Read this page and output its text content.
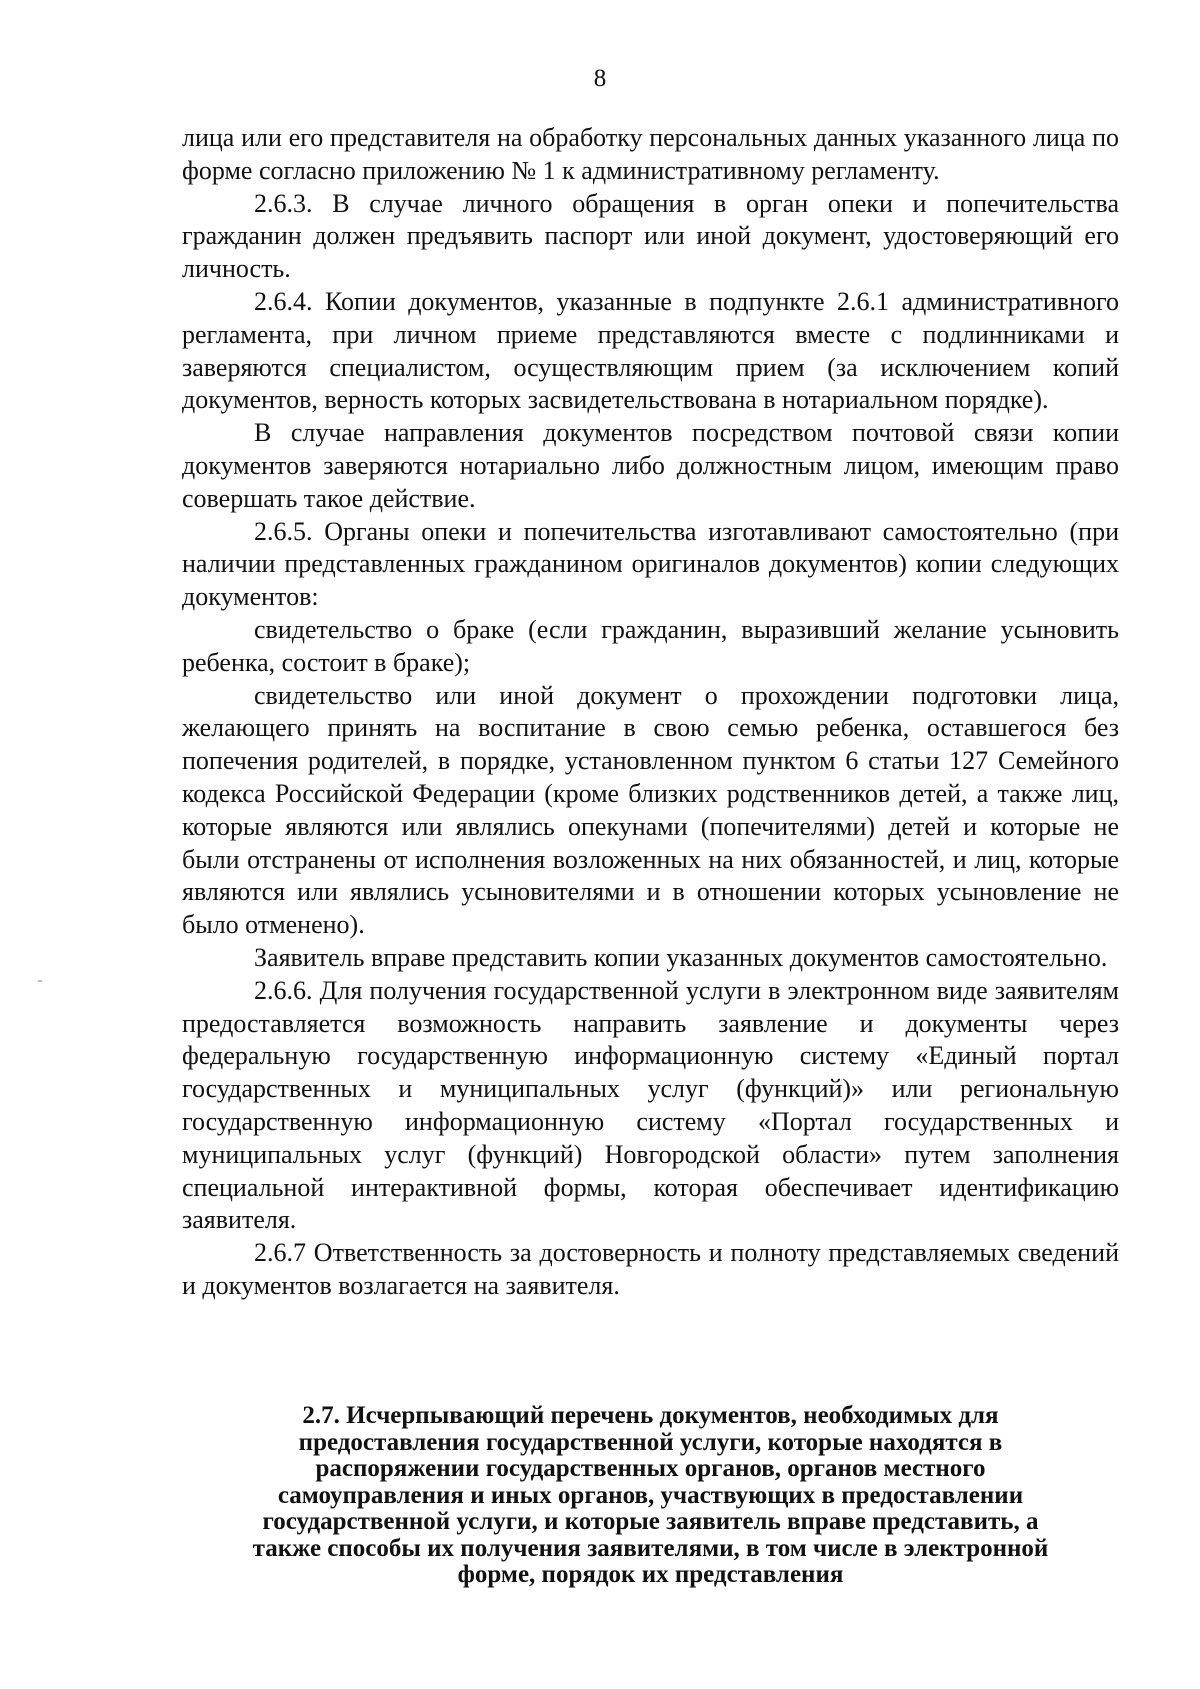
8

лица или его представителя на обработку персональных данных указанного лица по форме согласно приложению № 1 к административному регламенту.

2.6.3. В случае личного обращения в орган опеки и попечительства гражданин должен предъявить паспорт или иной документ, удостоверяющий его личность.

2.6.4. Копии документов, указанные в подпункте 2.6.1 административного регламента, при личном приеме представляются вместе с подлинниками и заверяются специалистом, осуществляющим прием (за исключением копий документов, верность которых засвидетельствована в нотариальном порядке).

В случае направления документов посредством почтовой связи копии документов заверяются нотариально либо должностным лицом, имеющим право совершать такое действие.

2.6.5. Органы опеки и попечительства изготавливают самостоятельно (при наличии представленных гражданином оригиналов документов) копии следующих документов:

свидетельство о браке (если гражданин, выразивший желание усыновить ребенка, состоит в браке);

свидетельство или иной документ о прохождении подготовки лица, желающего принять на воспитание в свою семью ребенка, оставшегося без попечения родителей, в порядке, установленном пунктом 6 статьи 127 Семейного кодекса Российской Федерации (кроме близких родственников детей, а также лиц, которые являются или являлись опекунами (попечителями) детей и которые не были отстранены от исполнения возложенных на них обязанностей, и лиц, которые являются или являлись усыновителями и в отношении которых усыновление не было отменено).

Заявитель вправе представить копии указанных документов самостоятельно.

2.6.6. Для получения государственной услуги в электронном виде заявителям предоставляется возможность направить заявление и документы через федеральную государственную информационную систему «Единый портал государственных и муниципальных услуг (функций)» или региональную государственную информационную систему «Портал государственных и муниципальных услуг (функций) Новгородской области» путем заполнения специальной интерактивной формы, которая обеспечивает идентификацию заявителя.

2.6.7 Ответственность за достоверность и полноту представляемых сведений и документов возлагается на заявителя.

2.7. Исчерпывающий перечень документов, необходимых для
предоставления государственной услуги, которые находятся в
распоряжении государственных органов, органов местного
самоуправления и иных органов, участвующих в предоставлении
государственной услуги, и которые заявитель вправе представить, а
также способы их получения заявителями, в том числе в электронной
форме, порядок их представления
